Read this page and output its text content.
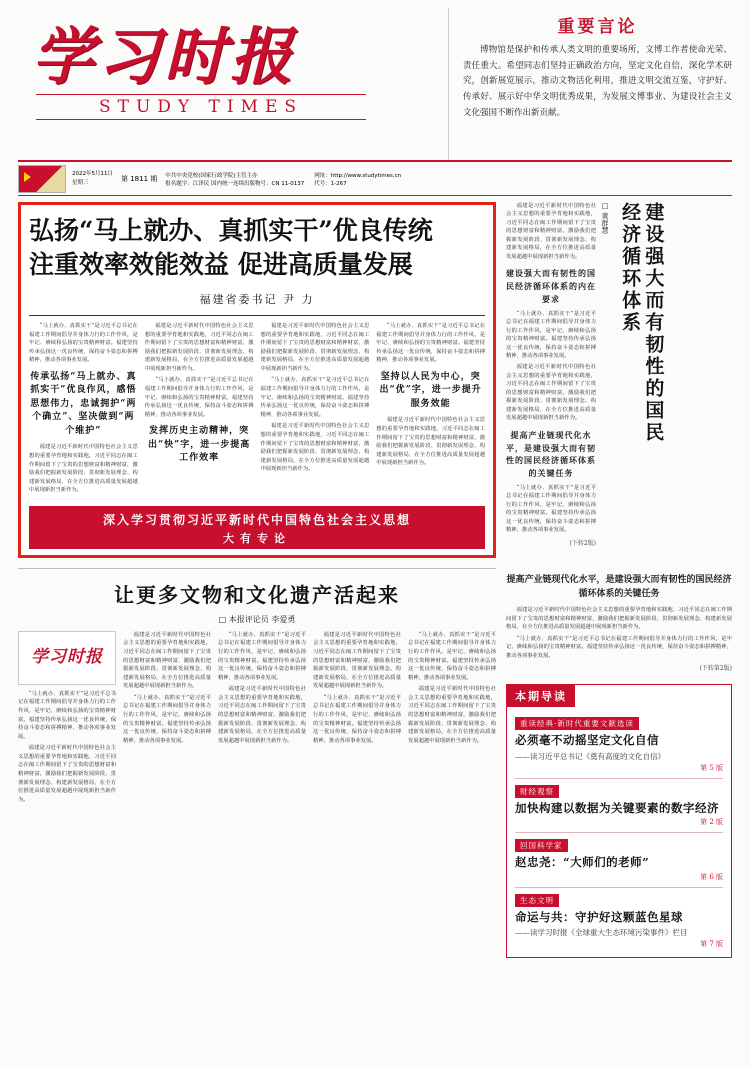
学习时报
STUDY TIMES
重要言论
博物馆是保护和传承人类文明的重要场所，文博工作者使命光荣、责任重大。希望同志们坚持正确政治方向，坚定文化自信，深化学术研究，创新展览展示，推动文物活化利用，推进文明交流互鉴，守护好、传承好、展示好中华文明优秀成果，为发展文博事业、为建设社会主义文化强国不断作出新贡献。
2022年5月11日
星期三	第 1811 期 中共中央党校(国家行政学院)主管主办
报名题字：江泽民 国内统一连续出版物号：CN 11-0137
网址：http://www.studytimes.cn
代号：1-267
弘扬“马上就办、真抓实干”优良传统
注重效率效能效益 促进高质量发展
福建省委书记 尹 力

“马上就办、真抓实干”是习近平总书记在福建工作期间倡导并身体力行的工作作风，是牢记、赓续和弘扬的宝贵精神财富。福建坚持传承弘扬这一优良传统，保持奋斗姿态和拼搏精神，推动各项事业发展。

传承弘扬“马上就办、真抓实干”优良作风，感悟思想伟力，忠诚拥护“两个确立”、坚决做到“两个维护”

福建是习近平新时代中国特色社会主义思想的重要孕育地和实践地，习近平同志在闽工作期间留下了宝贵的思想财富和精神财富，激励我们把握新发展阶段、贯彻新发展理念、构建新发展格局，在全方位推进高质量发展超越中展现新担当新作为。

福建是习近平新时代中国特色社会主义思想的重要孕育地和实践地，习近平同志在闽工作期间留下了宝贵的思想财富和精神财富，激励我们把握新发展阶段、贯彻新发展理念、构建新发展格局，在全方位推进高质量发展超越中展现新担当新作为。

“马上就办、真抓实干”是习近平总书记在福建工作期间倡导并身体力行的工作作风，是牢记、赓续和弘扬的宝贵精神财富。福建坚持传承弘扬这一优良传统，保持奋斗姿态和拼搏精神，推动各项事业发展。

发挥历史主动精神，突出“快”字，进一步提高工作效率

福建是习近平新时代中国特色社会主义思想的重要孕育地和实践地，习近平同志在闽工作期间留下了宝贵的思想财富和精神财富，激励我们把握新发展阶段、贯彻新发展理念、构建新发展格局，在全方位推进高质量发展超越中展现新担当新作为。

“马上就办、真抓实干”是习近平总书记在福建工作期间倡导并身体力行的工作作风，是牢记、赓续和弘扬的宝贵精神财富。福建坚持传承弘扬这一优良传统，保持奋斗姿态和拼搏精神，推动各项事业发展。

福建是习近平新时代中国特色社会主义思想的重要孕育地和实践地，习近平同志在闽工作期间留下了宝贵的思想财富和精神财富，激励我们把握新发展阶段、贯彻新发展理念、构建新发展格局，在全方位推进高质量发展超越中展现新担当新作为。

“马上就办、真抓实干”是习近平总书记在福建工作期间倡导并身体力行的工作作风，是牢记、赓续和弘扬的宝贵精神财富。福建坚持传承弘扬这一优良传统，保持奋斗姿态和拼搏精神，推动各项事业发展。

坚持以人民为中心，突出“优”字，进一步提升服务效能

福建是习近平新时代中国特色社会主义思想的重要孕育地和实践地，习近平同志在闽工作期间留下了宝贵的思想财富和精神财富，激励我们把握新发展阶段、贯彻新发展理念、构建新发展格局，在全方位推进高质量发展超越中展现新担当新作为。

深入学习贯彻习近平新时代中国特色社会主义思想
大有专论

福建是习近平新时代中国特色社会主义思想的重要孕育地和实践地，习近平同志在闽工作期间留下了宝贵的思想财富和精神财富，激励我们把握新发展阶段、贯彻新发展理念、构建新发展格局，在全方位推进高质量发展超越中展现新担当新作为。

建设强大而有韧性的国民经济循环体系的内在要求

“马上就办、真抓实干”是习近平总书记在福建工作期间倡导并身体力行的工作作风，是牢记、赓续和弘扬的宝贵精神财富。福建坚持传承弘扬这一优良传统，保持奋斗姿态和拼搏精神，推动各项事业发展。

福建是习近平新时代中国特色社会主义思想的重要孕育地和实践地，习近平同志在闽工作期间留下了宝贵的思想财富和精神财富，激励我们把握新发展阶段、贯彻新发展理念、构建新发展格局，在全方位推进高质量发展超越中展现新担当新作为。

提高产业链现代化水平，是建设强大而有韧性的国民经济循环体系的关键任务

“马上就办、真抓实干”是习近平总书记在福建工作期间倡导并身体力行的工作作风，是牢记、赓续和弘扬的宝贵精神财富。福建坚持传承弘扬这一优良传统，保持奋斗姿态和拼搏精神，推动各项事业发展。

(下转2版)
□ 黄群慧	建设强大而有韧性的国民经济循环体系
让更多文物和文化遗产活起来
□ 本报评论员 李爱勇
学习时报

“马上就办、真抓实干”是习近平总书记在福建工作期间倡导并身体力行的工作作风，是牢记、赓续和弘扬的宝贵精神财富。福建坚持传承弘扬这一优良传统，保持奋斗姿态和拼搏精神，推动各项事业发展。

福建是习近平新时代中国特色社会主义思想的重要孕育地和实践地，习近平同志在闽工作期间留下了宝贵的思想财富和精神财富，激励我们把握新发展阶段、贯彻新发展理念、构建新发展格局，在全方位推进高质量发展超越中展现新担当新作为。

福建是习近平新时代中国特色社会主义思想的重要孕育地和实践地，习近平同志在闽工作期间留下了宝贵的思想财富和精神财富，激励我们把握新发展阶段、贯彻新发展理念、构建新发展格局，在全方位推进高质量发展超越中展现新担当新作为。

“马上就办、真抓实干”是习近平总书记在福建工作期间倡导并身体力行的工作作风，是牢记、赓续和弘扬的宝贵精神财富。福建坚持传承弘扬这一优良传统，保持奋斗姿态和拼搏精神，推动各项事业发展。

“马上就办、真抓实干”是习近平总书记在福建工作期间倡导并身体力行的工作作风，是牢记、赓续和弘扬的宝贵精神财富。福建坚持传承弘扬这一优良传统，保持奋斗姿态和拼搏精神，推动各项事业发展。

福建是习近平新时代中国特色社会主义思想的重要孕育地和实践地，习近平同志在闽工作期间留下了宝贵的思想财富和精神财富，激励我们把握新发展阶段、贯彻新发展理念、构建新发展格局，在全方位推进高质量发展超越中展现新担当新作为。

福建是习近平新时代中国特色社会主义思想的重要孕育地和实践地，习近平同志在闽工作期间留下了宝贵的思想财富和精神财富，激励我们把握新发展阶段、贯彻新发展理念、构建新发展格局，在全方位推进高质量发展超越中展现新担当新作为。

“马上就办、真抓实干”是习近平总书记在福建工作期间倡导并身体力行的工作作风，是牢记、赓续和弘扬的宝贵精神财富。福建坚持传承弘扬这一优良传统，保持奋斗姿态和拼搏精神，推动各项事业发展。

“马上就办、真抓实干”是习近平总书记在福建工作期间倡导并身体力行的工作作风，是牢记、赓续和弘扬的宝贵精神财富。福建坚持传承弘扬这一优良传统，保持奋斗姿态和拼搏精神，推动各项事业发展。

福建是习近平新时代中国特色社会主义思想的重要孕育地和实践地，习近平同志在闽工作期间留下了宝贵的思想财富和精神财富，激励我们把握新发展阶段、贯彻新发展理念、构建新发展格局，在全方位推进高质量发展超越中展现新担当新作为。

提高产业链现代化水平，是建设强大而有韧性的国民经济循环体系的关键任务

福建是习近平新时代中国特色社会主义思想的重要孕育地和实践地，习近平同志在闽工作期间留下了宝贵的思想财富和精神财富，激励我们把握新发展阶段、贯彻新发展理念、构建新发展格局，在全方位推进高质量发展超越中展现新担当新作为。

“马上就办、真抓实干”是习近平总书记在福建工作期间倡导并身体力行的工作作风，是牢记、赓续和弘扬的宝贵精神财富。福建坚持传承弘扬这一优良传统，保持奋斗姿态和拼搏精神，推动各项事业发展。

(下转第2版)
本期导读
重读经典·新时代重要文献选读
必须毫不动摇坚定文化自信
——读习近平总书记《奠有高度的文化自信》
第 5 版
财经观察
加快构建以数据为关键要素的数字经济
第 2 版
回国科学家
赵忠尧：“大师们的老师”
第 6 版
生态文明
命运与共：守护好这颗蓝色星球
——读学习时报《全球重大生态环境污染事件》栏目
第 7 版
